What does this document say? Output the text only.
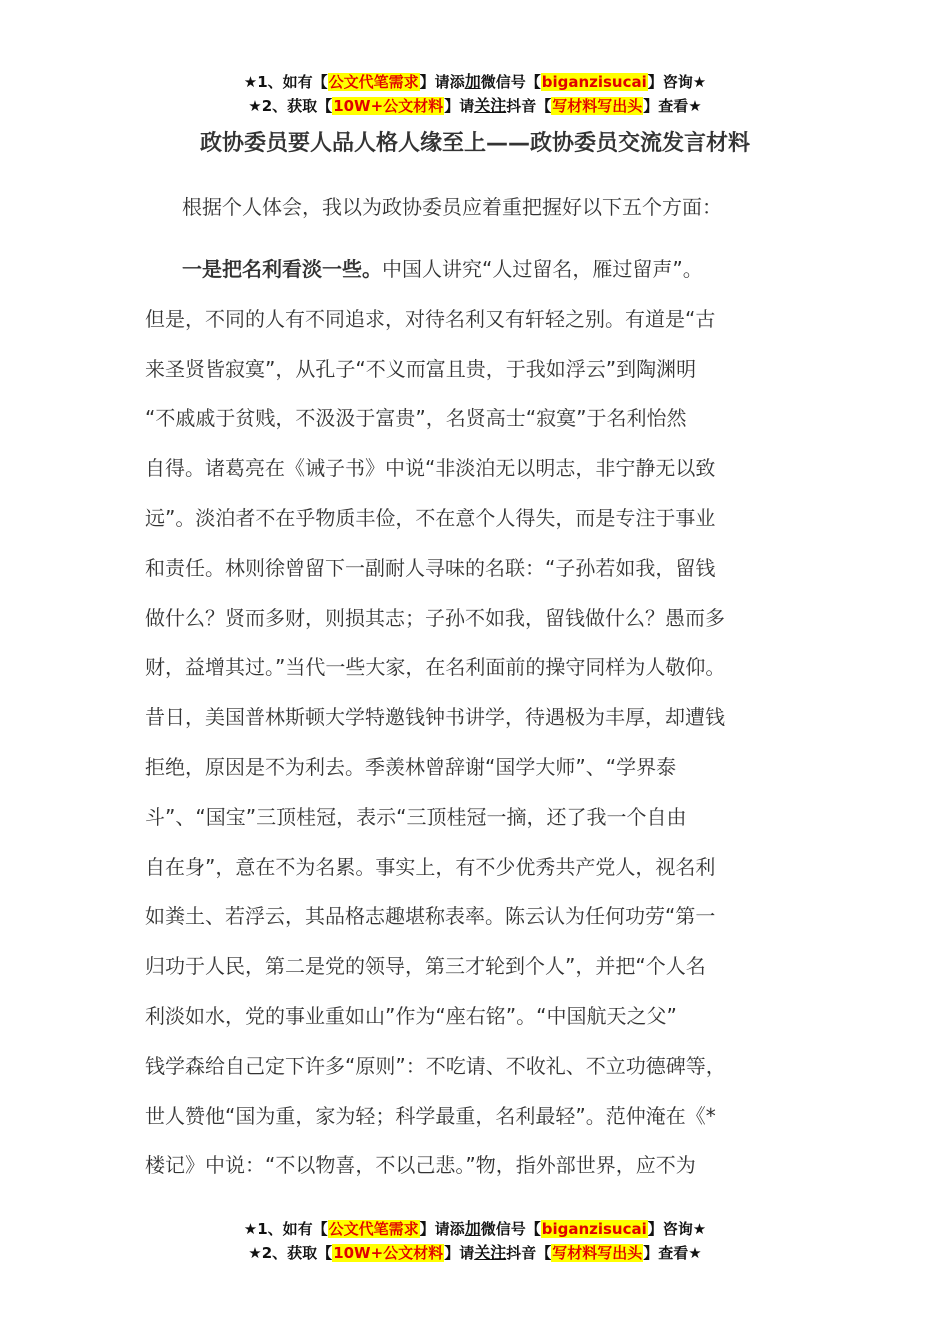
★1、如有【公文代笔需求】请添加微信号【biganzisucai】咨询★
★2、获取【10W+公文材料】请关注抖音【写材料写出头】查看★
政协委员要人品人格人缘至上——政协委员交流发言材料
根据个人体会，我以为政协委员应着重把握好以下五个方面：
一是把名利看淡一些。中国人讲究“人过留名，雁过留声”。
但是，不同的人有不同追求，对待名利又有轩轻之别。有道是“古
来圣贤皆寂寞”，从孔子“不义而富且贵，于我如浮云”到陶渊明
“不戚戚于贫贱，不汲汲于富贵”，名贤高士“寂寞”于名利怡然
自得。诸葛亮在《诫子书》中说“非淡泊无以明志，非宁静无以致
远”。淡泊者不在乎物质丰俭，不在意个人得失，而是专注于事业
和责任。林则徐曾留下一副耐人寻味的名联：“子孙若如我，留钱
做什么？贤而多财，则损其志；子孙不如我，留钱做什么？愚而多
财，益增其过。”当代一些大家，在名利面前的操守同样为人敬仰。
昔日，美国普林斯顿大学特邀钱钟书讲学，待遇极为丰厚，却遭钱
拒绝，原因是不为利去。季羡林曾辞谢“国学大师”、“学界泰
斗”、“国宝”三顶桂冠，表示“三顶桂冠一摘，还了我一个自由
自在身”，意在不为名累。事实上，有不少优秀共产党人，视名利
如粪土、若浮云，其品格志趣堪称表率。陈云认为任何功劳“第一
归功于人民，第二是党的领导，第三才轮到个人”，并把“个人名
利淡如水，党的事业重如山”作为“座右铭”。“中国航天之父”
钱学森给自己定下许多“原则”：不吃请、不收礼、不立功德碑等，
世人赞他“国为重，家为轻；科学最重，名利最轻”。范仲淹在《*
楼记》中说：“不以物喜，不以己悲。”物，指外部世界，应不为
★1、如有【公文代笔需求】请添加微信号【biganzisucai】咨询★
★2、获取【10W+公文材料】请关注抖音【写材料写出头】查看★
